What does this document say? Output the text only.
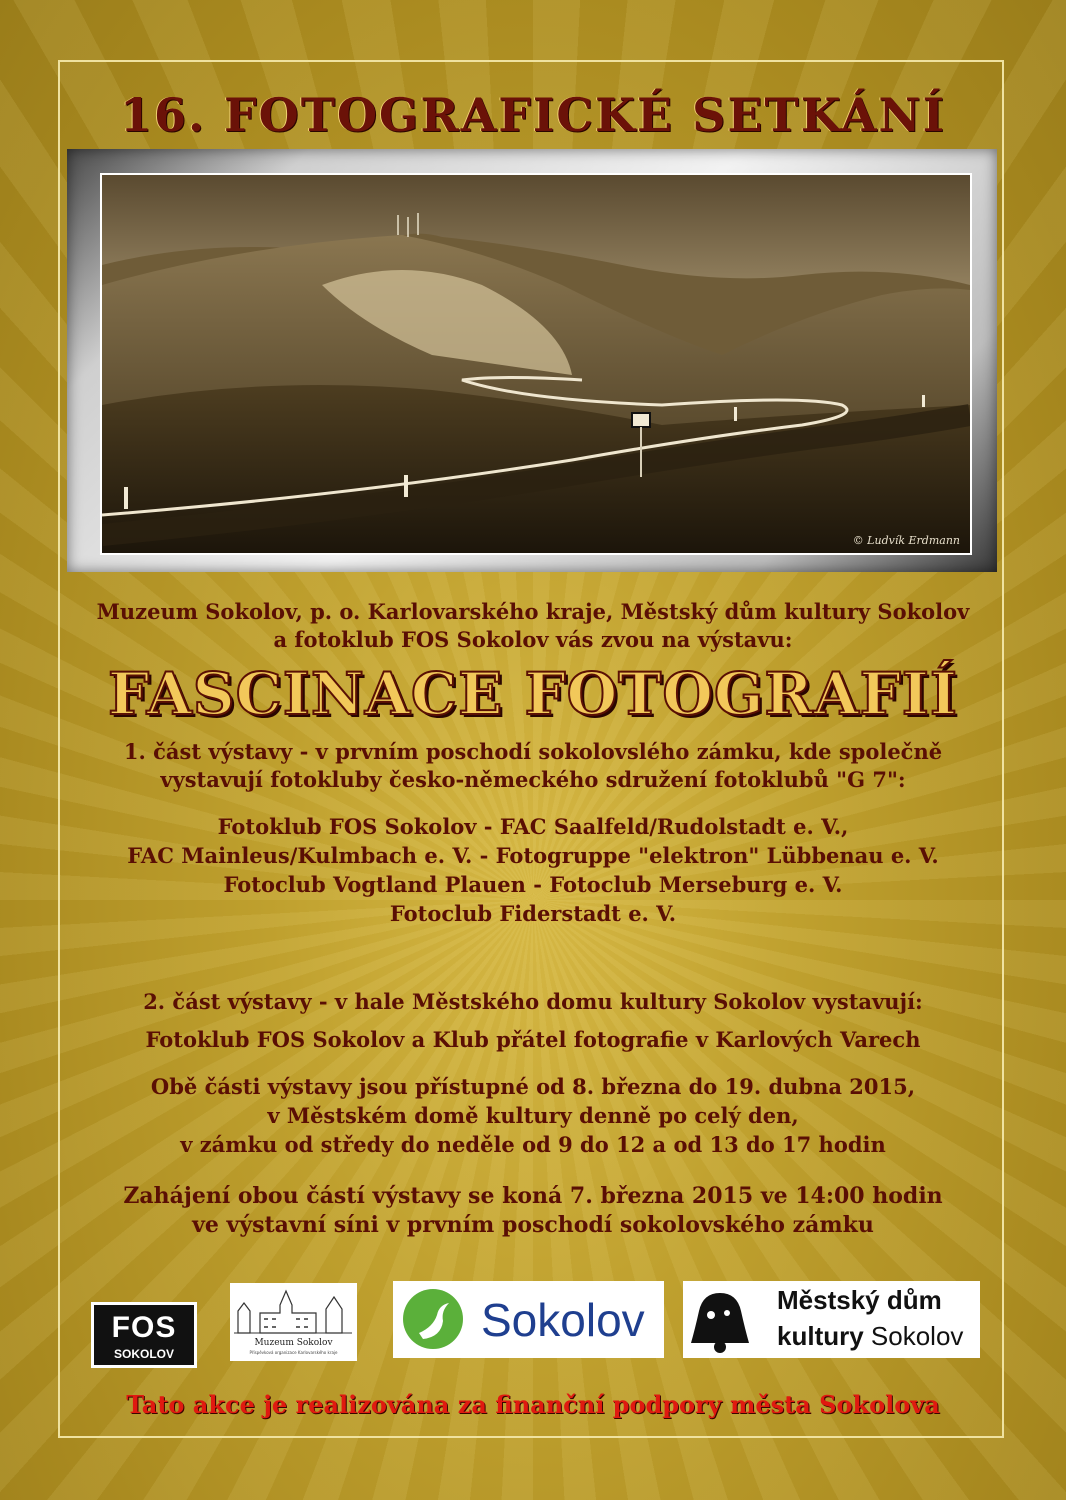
16. FOTOGRAFICKÉ SETKÁNÍ
© Ludvík Erdmann
Muzeum Sokolov, p. o. Karlovarského kraje, Městský dům kultury Sokolov
a fotoklub FOS Sokolov vás zvou na výstavu:
FASCINACE FOTOGRAFIÍ
1. část výstavy - v prvním poschodí sokolovslého zámku, kde společně
vystavují fotokluby česko-německého sdružení fotoklubů "G 7":
Fotoklub FOS Sokolov - FAC Saalfeld/Rudolstadt e. V.,
FAC Mainleus/Kulmbach e. V. - Fotogruppe "elektron" Lübbenau e. V.
Fotoclub Vogtland Plauen - Fotoclub Merseburg e. V.
Fotoclub Fiderstadt e. V.
2. část výstavy - v hale Městského domu kultury Sokolov vystavují:
Fotoklub FOS Sokolov a Klub přátel fotografie v Karlových Varech
Obě části výstavy jsou přístupné od 8. března do 19. dubna 2015,
v Městském domě kultury denně po celý den,
v zámku od středy do neděle od 9 do 12 a od 13 do 17 hodin
Zahájení obou částí výstavy se koná 7. března 2015 ve 14:00 hodin
ve výstavní síni v prvním poschodí sokolovského zámku
FOS
SOKOLOV
Muzeum Sokolov
Příspěvková organizace Karlovarského kraje
Sokolov	Městský dům
kultury Sokolov
Tato akce je realizována za finanční podpory města Sokolova
